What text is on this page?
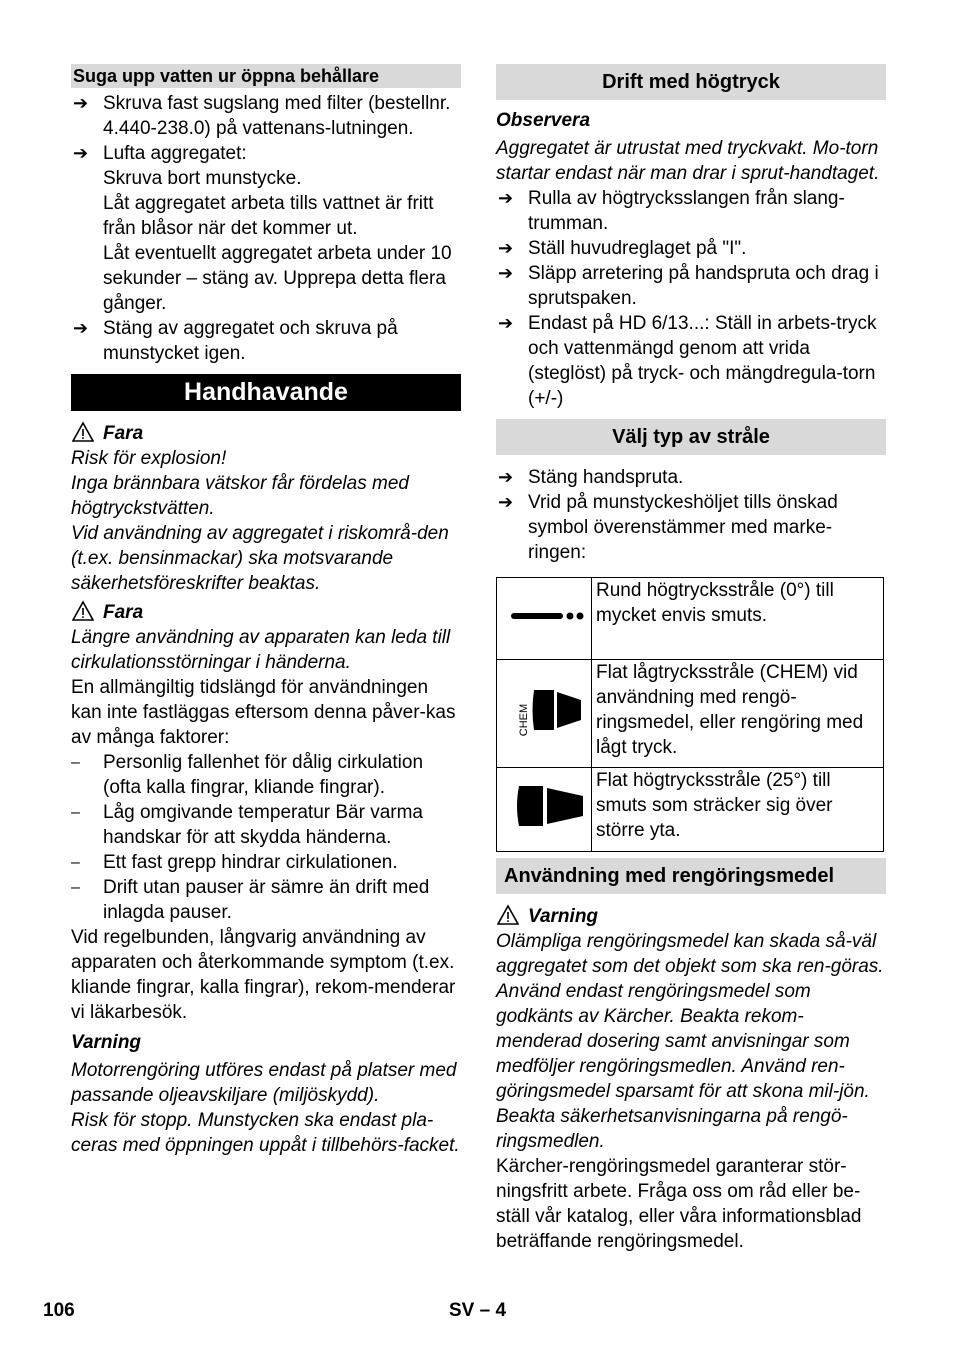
Suga upp vatten ur öppna behållare
➔ Skruva fast sugslang med filter (bestellnr. 4.440-238.0) på vattenans-lutningen.

➔ Lufta aggregatet:
Skruva bort munstycke.
Låt aggregatet arbeta tills vattnet är fritt från blåsor när det kommer ut.
Låt eventuellt aggregatet arbeta under 10 sekunder – stäng av. Upprepa detta flera gånger.

➔ Stäng av aggregatet och skruva på munstycket igen.

Handhavande
Fara

Risk för explosion!

Inga brännbara vätskor får fördelas med högtryckstvätten.

Vid användning av aggregatet i riskområ-den (t.ex. bensinmackar) ska motsvarande säkerhetsföreskrifter beaktas.

Fara

Längre användning av apparaten kan leda till cirkulationsstörningar i händerna.

En allmängiltig tidslängd för användningen kan inte fastläggas eftersom denna påver-kas av många faktorer:

– Personlig fallenhet för dålig cirkulation (ofta kalla fingrar, kliande fingrar).

– Låg omgivande temperatur Bär varma handskar för att skydda händerna.

– Ett fast grepp hindrar cirkulationen.

– Drift utan pauser är sämre än drift med inlagda pauser.

Vid regelbunden, långvarig användning av apparaten och återkommande symptom (t.ex. kliande fingrar, kalla fingrar), rekom-menderar vi läkarbesök.

Varning

Motorrengöring utföres endast på platser med passande oljeavskiljare (miljöskydd).
Risk för stopp. Munstycken ska endast pla-ceras med öppningen uppåt i tillbehörs-facket.

Drift med högtryck

Observera

Aggregatet är utrustat med tryckvakt. Mo-torn startar endast när man drar i sprut-handtaget.

➔ Rulla av högtrycksslangen från slang-trumman.

➔ Ställ huvudreglaget på "I".

➔ Släpp arretering på handspruta och drag i sprutspaken.

➔ Endast på HD 6/13...: Ställ in arbets-tryck och vattenmängd genom att vrida (steglöst) på tryck- och mängdregula-torn (+/-)

Välj typ av stråle
➔ Stäng handspruta.

➔ Vrid på munstyckeshöljet tills önskad symbol överenstämmer med marke-ringen:

	Rund högtrycksstråle (0°) till mycket envis smuts.

CHEM	Flat lågtrycksstråle (CHEM) vid användning med rengö-ringsmedel, eller rengöring med lågt tryck.
	Flat högtrycksstråle (25°) till smuts som sträcker sig över större yta.
Användning med rengöringsmedel
Varning

Olämpliga rengöringsmedel kan skada så-väl aggregatet som det objekt som ska ren-göras. Använd endast rengöringsmedel som godkänts av Kärcher. Beakta rekom-menderad dosering samt anvisningar som medföljer rengöringsmedlen. Använd ren-göringsmedel sparsamt för att skona mil-jön.

Beakta säkerhetsanvisningarna på rengö-ringsmedlen.

Kärcher-rengöringsmedel garanterar stör-ningsfritt arbete. Fråga oss om råd eller be-ställ vår katalog, eller våra informationsblad beträffande rengöringsmedel.

106	SV – 4
